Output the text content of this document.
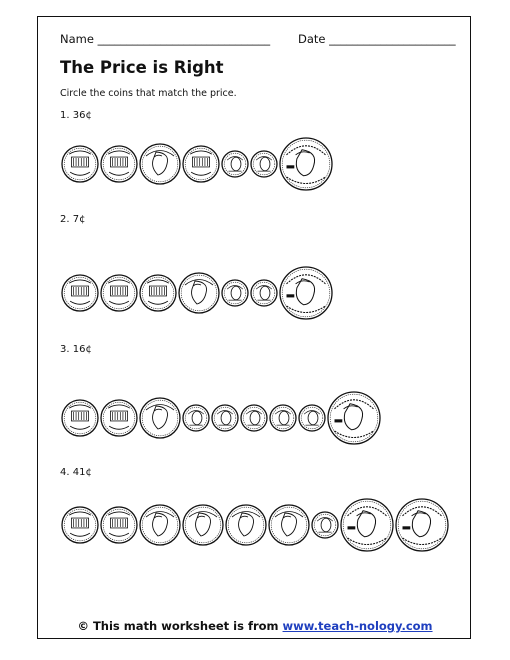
Name ______________________________ Date ______________________
The Price is Right
Circle the coins that match the price.
1. 36¢
2. 7¢
3. 16¢
4. 41¢
© This math worksheet is from www.teach-nology.com
